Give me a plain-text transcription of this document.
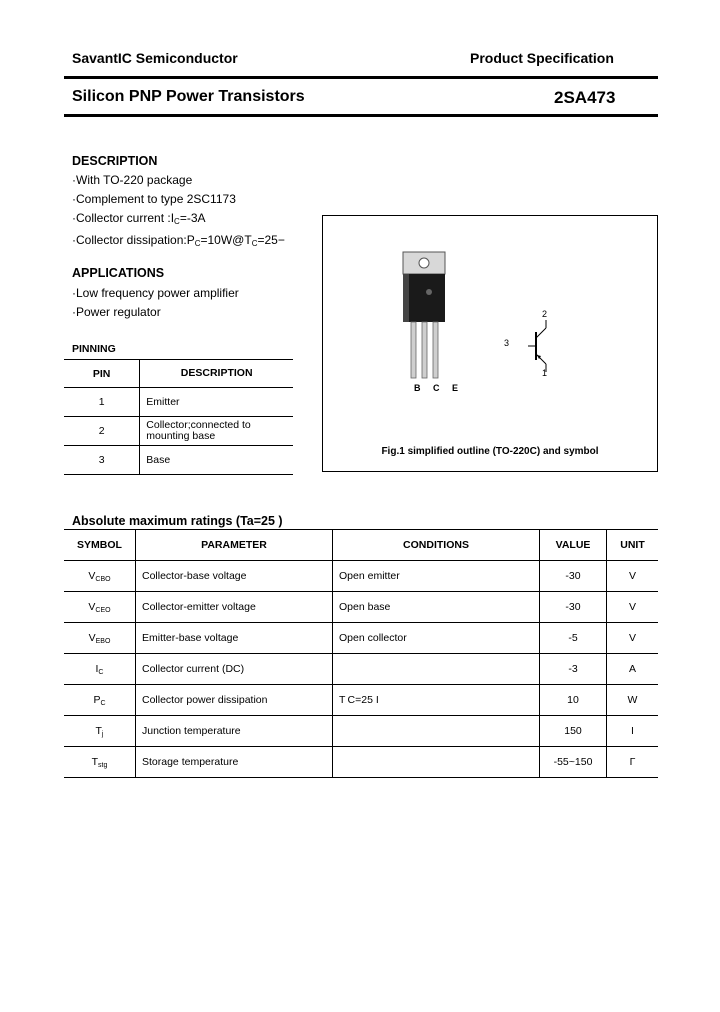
SavantIC Semiconductor	Product Specification
Silicon PNP Power Transistors	2SA473
DESCRIPTION
·With TO-220 package
·Complement to type 2SC1173
·Collector current $:I_C=-3A$
·Collector $dissipation:P_C=10W@T_C=25-$
APPLICATIONS
·Low frequency power amplifier
·Power regulator
PINNING
PIN	DESCRIPTION
1	Emitter
2	Collector;connected to mounting base
3	Base
B C E
2
3
1
Fig.1 simplified outline (TO-220C) and symbol
Absolute maximum ratings (Ta=25 )
SYMBOL	PARAMETER	CONDITIONS	VALUE	UNIT
$V_{CBO}$	Collector-base voltage	Open emitter	-30	V
$V_{CEO}$	Collector-emitter voltage	Open base	-30	V
$V_{EBO}$	Emitter-base voltage	Open collector	-5	V
$I_C$	Collector current (DC)		-3	A
$P_C$	Collector power dissipation	T C=25 I	10	W
$T_j$	Junction temperature		150	I
$T_{stg}$	Storage temperature		-55~150	Γ
